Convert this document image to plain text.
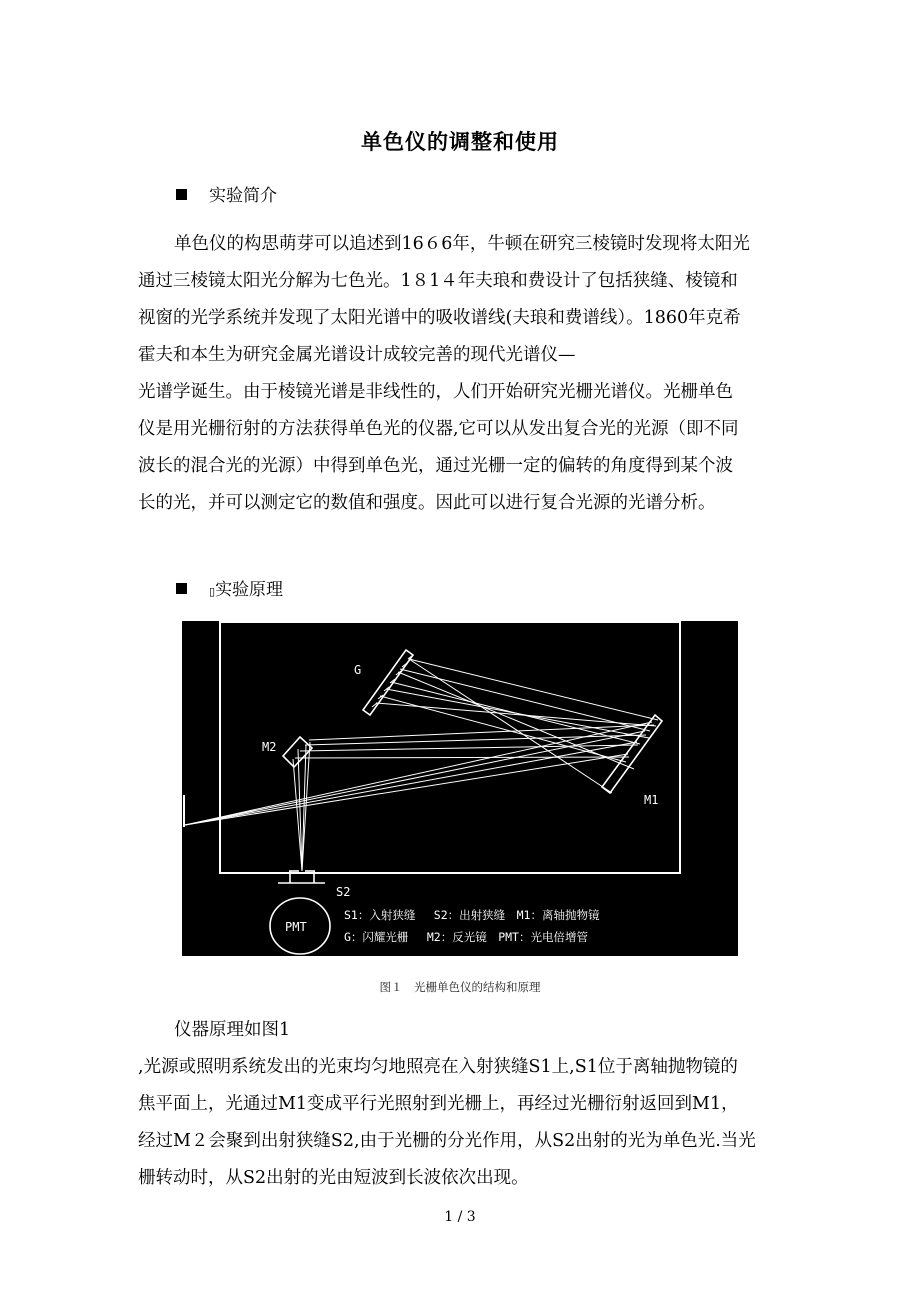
单色仪的调整和使用
实验简介
单色仪的构思萌芽可以追述到16６6年，牛顿在研究三棱镜时发现将太阳光
通过三棱镜太阳光分解为七色光。1８1４年夫琅和费设计了包括狭缝、棱镜和
视窗的光学系统并发现了太阳光谱中的吸收谱线(夫琅和费谱线）。1860年克希
霍夫和本生为研究金属光谱设计成较完善的现代光谱仪—
光谱学诞生。由于棱镜光谱是非线性的，人们开始研究光栅光谱仪。光栅单色
仪是用光栅衍射的方法获得单色光的仪器,它可以从发出复合光的光源（即不同
波长的混合光的光源）中得到单色光，通过光栅一定的偏转的角度得到某个波
长的光，并可以测定它的数值和强度。因此可以进行复合光源的光谱分析。
▯实验原理
G
M1
M2
S2
PMT
S1：入射狭缝　 S2：出射狭缝　M1：离轴抛物镜
G：闪耀光栅　 M2：反光镜　PMT：光电倍增管
图１　光栅单色仪的结构和原理
仪器原理如图1
,光源或照明系统发出的光束均匀地照亮在入射狭缝S1上,S1位于离轴抛物镜的
焦平面上，光通过M1变成平行光照射到光栅上，再经过光栅衍射返回到M1，
经过M２会聚到出射狭缝S2,由于光栅的分光作用，从S2出射的光为单色光.当光
栅转动时，从S2出射的光由短波到长波依次出现。
1 / 3
